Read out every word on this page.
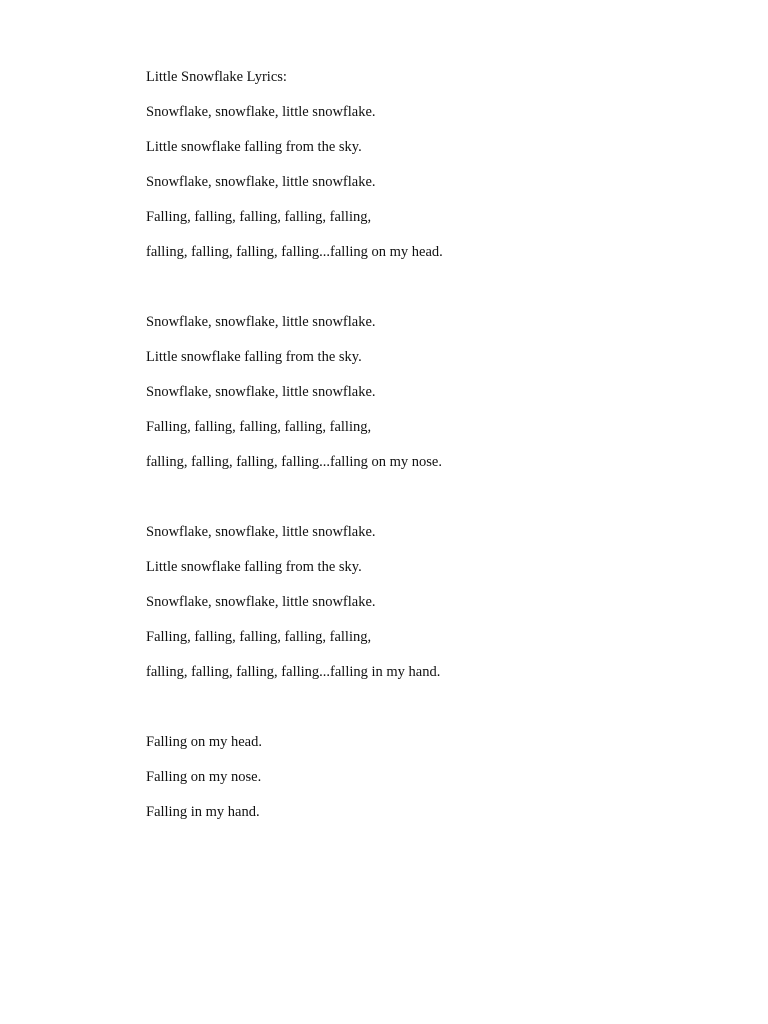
Little Snowflake Lyrics:
Snowflake, snowflake, little snowflake.
Little snowflake falling from the sky.
Snowflake, snowflake, little snowflake.
Falling, falling, falling, falling, falling,
falling, falling, falling, falling...falling on my head.
Snowflake, snowflake, little snowflake.
Little snowflake falling from the sky.
Snowflake, snowflake, little snowflake.
Falling, falling, falling, falling, falling,
falling, falling, falling, falling...falling on my nose.
Snowflake, snowflake, little snowflake.
Little snowflake falling from the sky.
Snowflake, snowflake, little snowflake.
Falling, falling, falling, falling, falling,
falling, falling, falling, falling...falling in my hand.
Falling on my head.
Falling on my nose.
Falling in my hand.
